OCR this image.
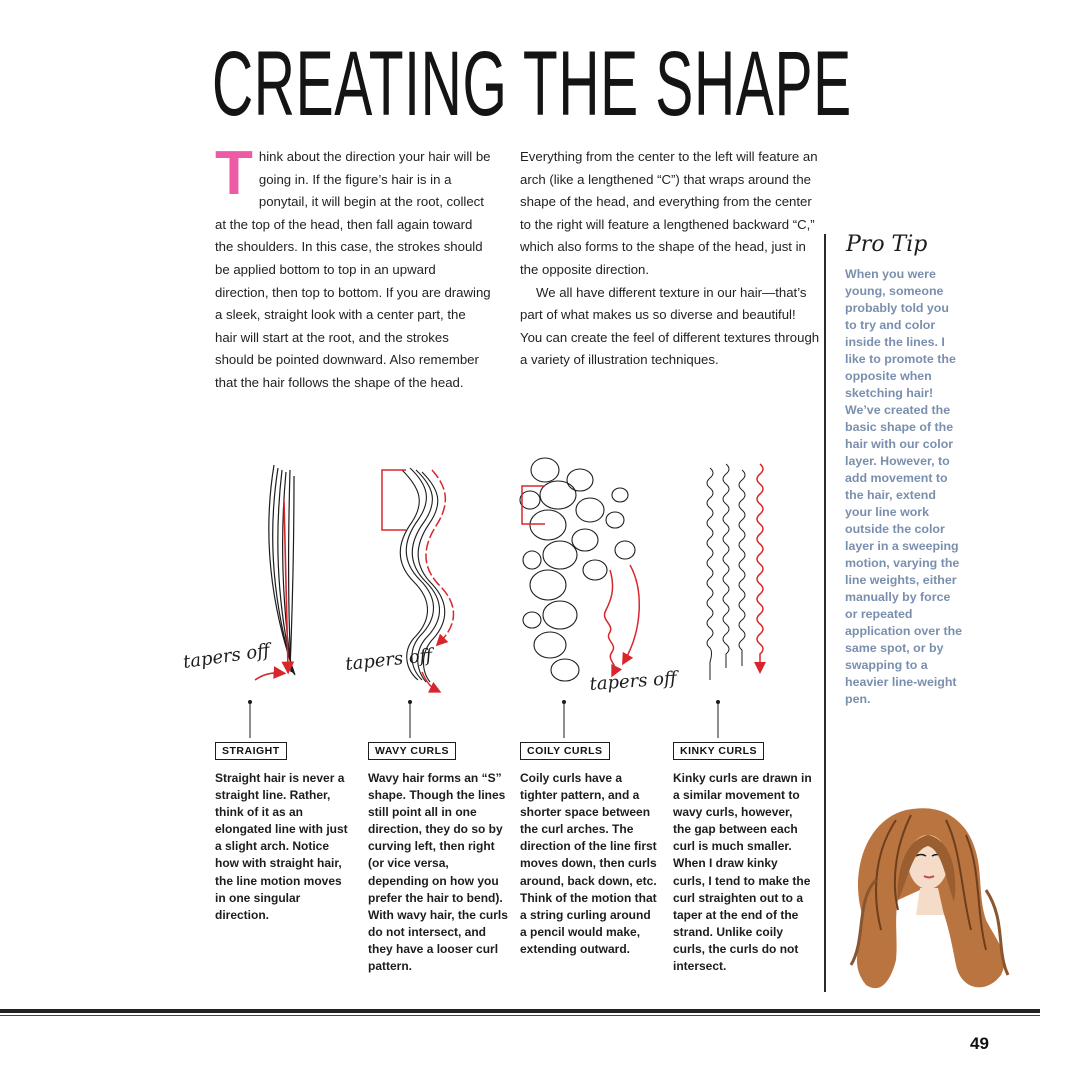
CREATING THE SHAPE

T hink about the direction your hair will be going in. If the figure’s hair is in a ponytail, it will begin at the root, collect at the top of the head, then fall again toward the shoulders. In this case, the strokes should be applied bottom to top in an upward direction, then top to bottom. If you are drawing a sleek, straight look with a center part, the hair will start at the root, and the strokes should be pointed downward. Also remember that the hair follows the shape of the head.

Everything from the center to the left will feature an arch (like a lengthened “C”) that wraps around the shape of the head, and everything from the center to the right will feature a lengthened backward “C,” which also forms to the shape of the head, just in the opposite direction.

We all have different texture in our hair—that’s part of what makes us so diverse and beautiful! You can create the feel of different textures through a variety of illustration techniques.

Pro Tip

When you were young, someone probably told you to try and color inside the lines. I like to promote the opposite when sketching hair! We’ve created the basic shape of the hair with our color layer. However, to add movement to the hair, extend your line work outside the color layer in a sweeping motion, varying the line weights, either manually by force or repeated application over the same spot, or by swapping to a heavier line-weight pen.

tapers off	tapers off
tapers off
STRAIGHT	WAVY CURLS	COILY CURLS	KINKY CURLS

Straight hair is never a straight line. Rather, think of it as an elongated line with just a slight arch. Notice how with straight hair, the line motion moves in one singular direction.

Wavy hair forms an “S” shape. Though the lines still point all in one direction, they do so by curving left, then right (or vice versa, depending on how you prefer the hair to bend). With wavy hair, the curls do not intersect, and they have a looser curl pattern.

Coily curls have a tighter pattern, and a shorter space between the curl arches. The direction of the line first moves down, then curls around, back down, etc. Think of the motion that a string curling around a pencil would make, extending outward.

Kinky curls are drawn in a similar movement to wavy curls, however, the gap between each curl is much smaller. When I draw kinky curls, I tend to make the curl straighten out to a taper at the end of the strand. Unlike coily curls, the curls do not intersect.

49
